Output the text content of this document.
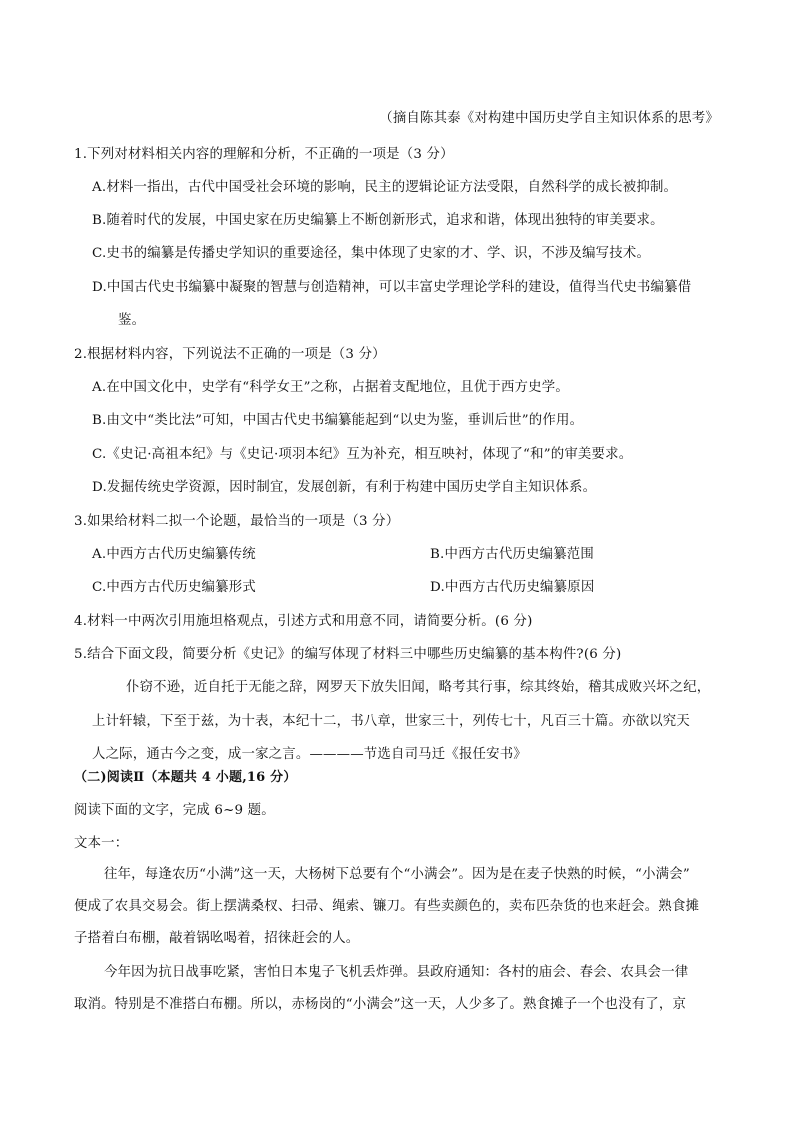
（摘自陈其泰《对构建中国历史学自主知识体系的思考》
1.下列对材料相关内容的理解和分析，不正确的一项是（3 分）
A.材料一指出，古代中国受社会环境的影响，民主的逻辑论证方法受限，自然科学的成长被抑制。
B.随着时代的发展，中国史家在历史编纂上不断创新形式，追求和谐，体现出独特的审美要求。
C.史书的编纂是传播史学知识的重要途径，集中体现了史家的才、学、识，不涉及编写技术。
D.中国古代史书编纂中凝聚的智慧与创造精神，可以丰富史学理论学科的建设，值得当代史书编纂借
鉴。
2.根据材料内容，下列说法不正确的一项是（3 分）
A.在中国文化中，史学有“科学女王”之称，占据着支配地位，且优于西方史学。
B.由文中“类比法”可知，中国古代史书编纂能起到“以史为鉴，垂训后世”的作用。
C.《史记·高祖本纪》与《史记·项羽本纪》互为补充，相互映衬，体现了“和”的审美要求。
D.发掘传统史学资源，因时制宜，发展创新，有利于构建中国历史学自主知识体系。
3.如果给材料二拟一个论题，最恰当的一项是（3 分）
A.中西方古代历史编纂传统	B.中西方古代历史编纂范围
C.中西方古代历史编纂形式	D.中西方古代历史编纂原因
4.材料一中两次引用施坦格观点，引述方式和用意不同，请简要分析。(6 分)
5.结合下面文段，简要分析《史记》的编写体现了材料三中哪些历史编纂的基本构件?(6 分)
仆窃不逊，近自托于无能之辞，网罗天下放失旧闻，略考其行事，综其终始，稽其成败兴坏之纪，
上计轩辕，下至于兹，为十表，本纪十二，书八章，世家三十，列传七十，凡百三十篇。亦欲以究天
人之际，通古今之变，成一家之言。————节选自司马迁《报任安书》
（二)阅读Ⅱ（本题共 4 小题,16 分）
阅读下面的文字，完成 6~9 题。
文本一：
往年，每逢农历“小满”这一天，大杨树下总要有个“小满会”。因为是在麦子快熟的时候，“小满会”
便成了农具交易会。街上摆满桑杈、扫帚、绳索、镰刀。有些卖颜色的，卖布匹杂货的也来赶会。熟食摊
子搭着白布棚，敲着锅吆喝着，招徕赶会的人。
今年因为抗日战事吃紧，害怕日本鬼子飞机丢炸弹。县政府通知：各村的庙会、春会、农具会一律
取消。特别是不准搭白布棚。所以，赤杨岗的“小满会”这一天，人少多了。熟食摊子一个也没有了，京
